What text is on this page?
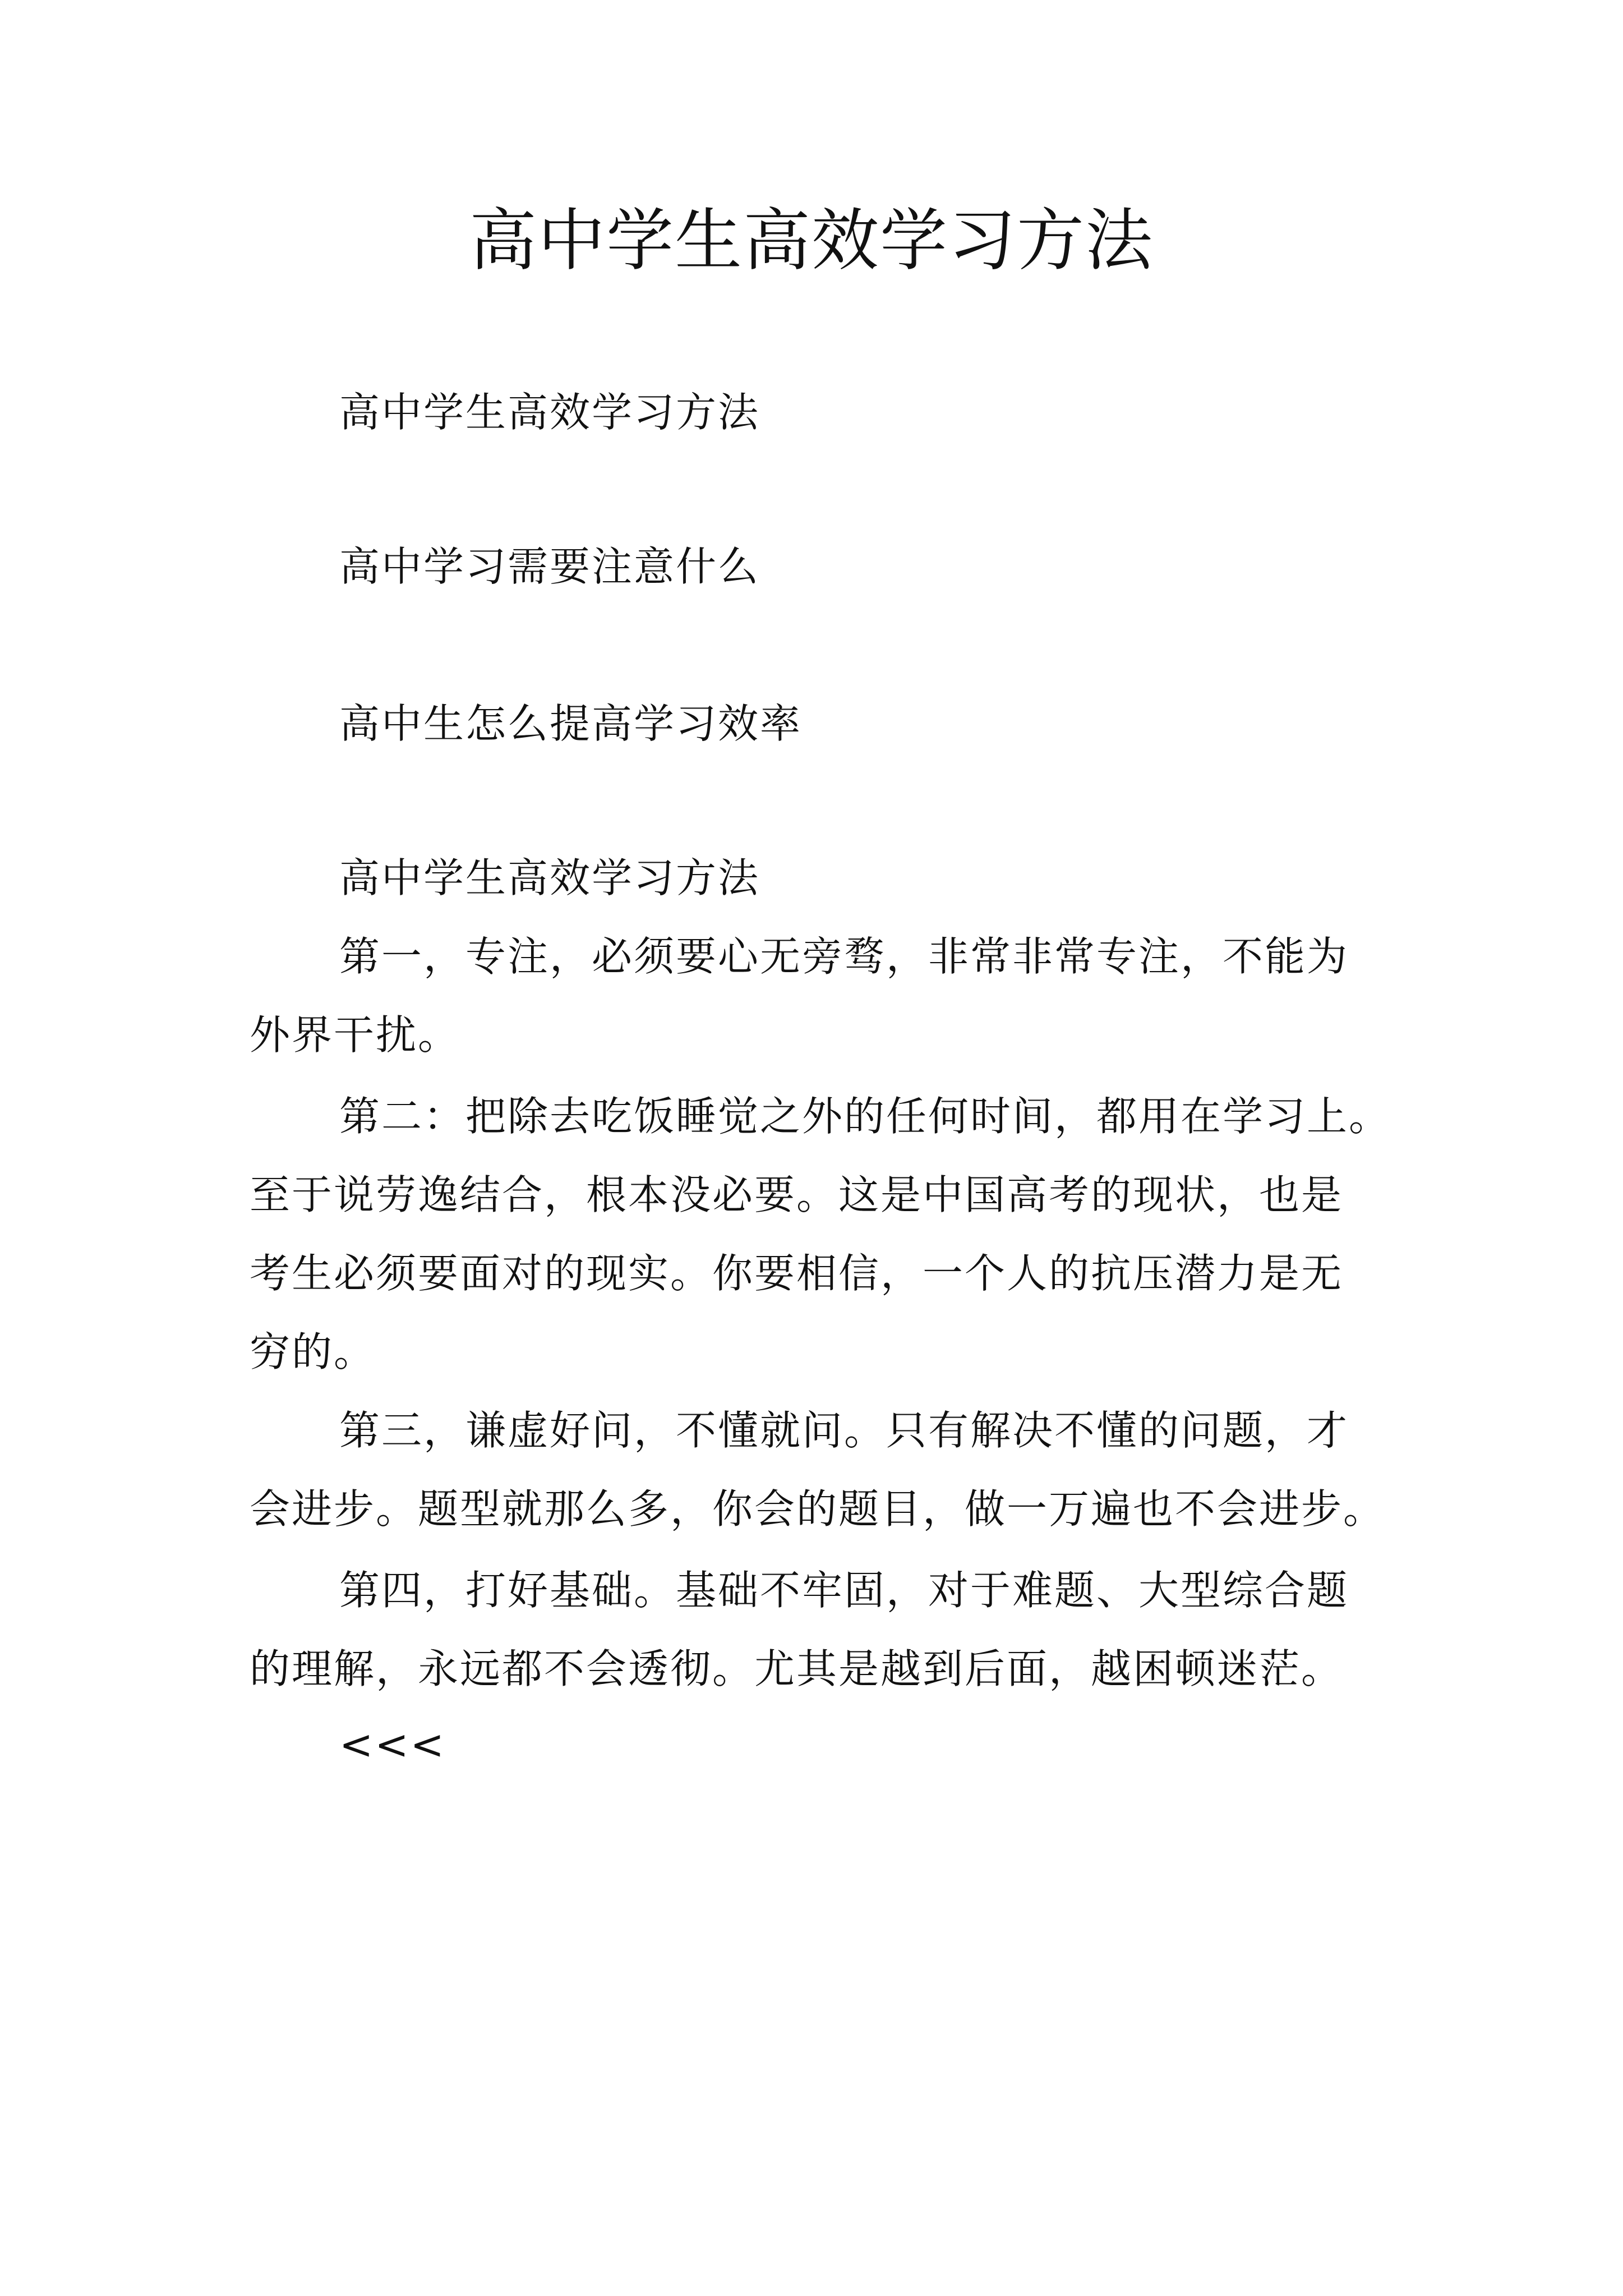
高中学生高效学习方法
高中学生高效学习方法
高中学习需要注意什么
高中生怎么提高学习效率
高中学生高效学习方法
第一，专注，必须要心无旁骛，非常非常专注，不能为
外界干扰。
第二：把除去吃饭睡觉之外的任何时间，都用在学习上。
至于说劳逸结合，根本没必要。这是中国高考的现状，也是
考生必须要面对的现实。你要相信，一个人的抗压潜力是无
穷的。
第三，谦虚好问，不懂就问。只有解决不懂的问题，才
会进步。题型就那么多，你会的题目，做一万遍也不会进步。
第四，打好基础。基础不牢固，对于难题、大型综合题
的理解，永远都不会透彻。尤其是越到后面，越困顿迷茫。
<<<
